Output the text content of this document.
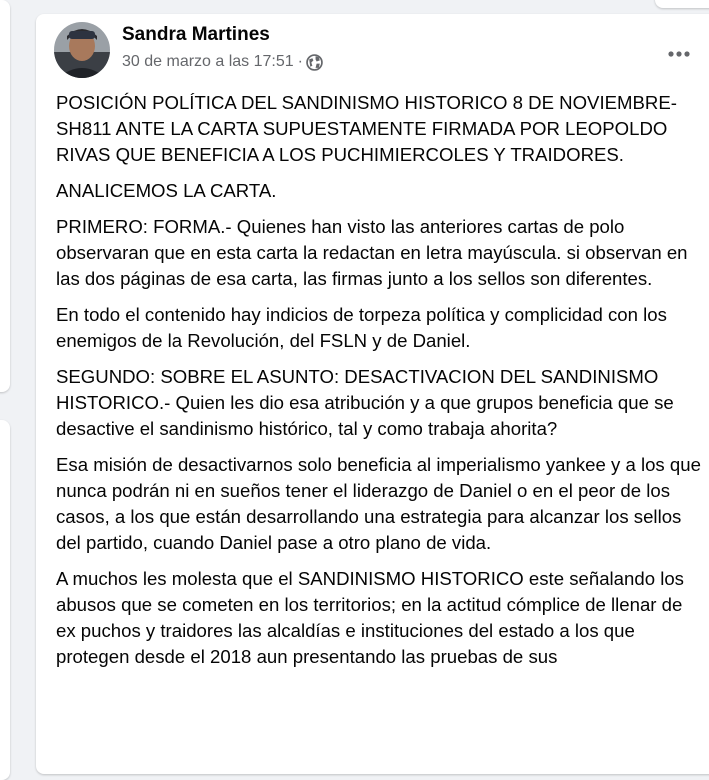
Sandra Martines
30 de marzo a las 17:51 ·

POSICIÓN POLÍTICA DEL SANDINISMO HISTORICO 8 DE NOVIEMBRE-SH811 ANTE LA CARTA SUPUESTAMENTE FIRMADA POR LEOPOLDO RIVAS QUE BENEFICIA A LOS PUCHIMIERCOLES Y TRAIDORES.

ANALICEMOS LA CARTA.

PRIMERO: FORMA.- Quienes han visto las anteriores cartas de polo observaran que en esta carta la redactan en letra mayúscula. si observan en las dos páginas de esa carta, las firmas junto a los sellos son diferentes.

En todo el contenido hay indicios de torpeza política y complicidad con los enemigos de la Revolución, del FSLN y de Daniel.

SEGUNDO: SOBRE EL ASUNTO: DESACTIVACION DEL SANDINISMO HISTORICO.- Quien les dio esa atribución y a que grupos beneficia que se desactive el sandinismo histórico, tal y como trabaja ahorita?

Esa misión de desactivarnos solo beneficia al imperialismo yankee y a los que nunca podrán ni en sueños tener el liderazgo de Daniel o en el peor de los casos, a los que están desarrollando una estrategia para alcanzar los sellos del partido, cuando Daniel pase a otro plano de vida.

A muchos les molesta que el SANDINISMO HISTORICO este señalando los abusos que se cometen en los territorios; en la actitud cómplice de llenar de ex puchos y traidores las alcaldías e instituciones del estado a los que protegen desde el 2018 aun presentando las pruebas de sus
